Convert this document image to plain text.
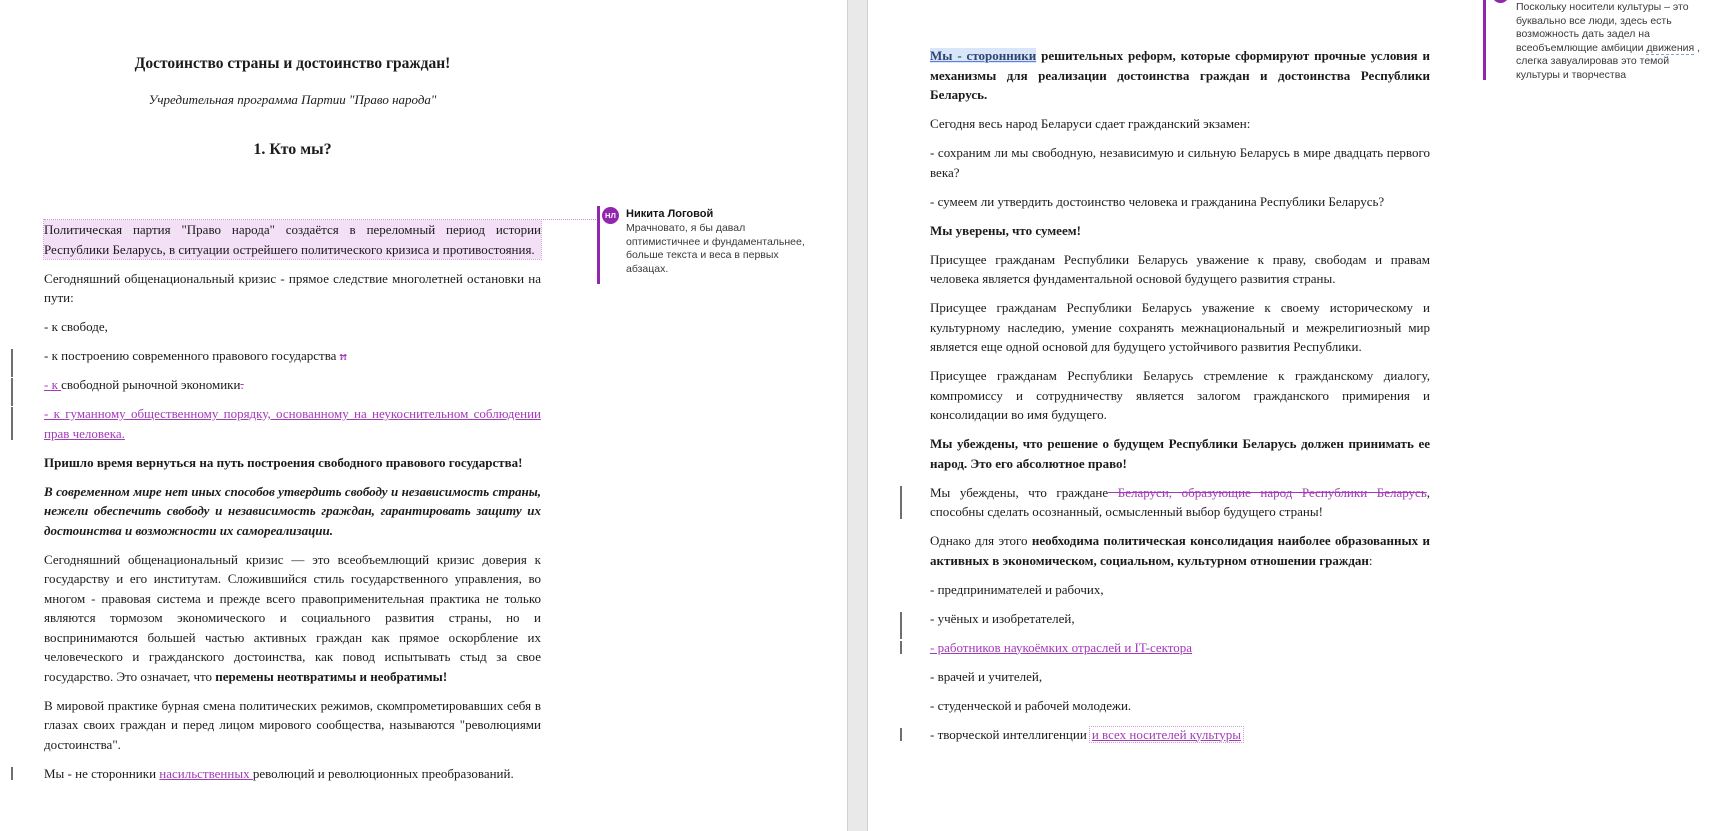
Достоинство страны и достоинство граждан!
Учредительная программа Партии "Право народа"
1. Кто мы?

Политическая партия "Право народа" создаётся в переломный период истории Республики Беларусь, в ситуации острейшего политического кризиса и противостояния.

Сегодняшний общенациональный кризис - прямое следствие многолетней остановки на пути:

- к свободе,

- к построению современного правового государства и

- к свободной рыночной экономики.

- к гуманному общественному порядку, основанному на неукоснительном соблюдении прав человека.

Пришло время вернуться на путь построения свободного правового государства!

В современном мире нет иных способов утвердить свободу и независимость страны, нежели обеспечить свободу и независимость граждан, гарантировать защиту их достоинства и возможности их самореализации.

Сегодняшний общенациональный кризис — это всеобъемлющий кризис доверия к государству и его институтам. Сложившийся стиль государственного управления, во многом - правовая система и прежде всего правоприменительная практика не только являются тормозом экономического и социального развития страны, но и воспринимаются большей частью активных граждан как прямое оскорбление их человеческого и гражданского достоинства, как повод испытывать стыд за свое государство. Это означает, что перемены неотвратимы и необратимы!

В мировой практике бурная смена политических режимов, скомпрометировавших себя в глазах своих граждан и перед лицом мирового сообщества, называются "революциями достоинства".

Мы - не сторонники насильственных революций и революционных преобразований.

НЛ Никита Логовой
Мрачновато, я бы давал оптимистичнее и фундаментальнее, больше текста и веса в первых абзацах.

Мы - сторонники решительных реформ, которые сформируют прочные условия и механизмы для реализации достоинства граждан и достоинства Республики Беларусь.

Сегодня весь народ Беларуси сдает гражданский экзамен:

- сохраним ли мы свободную, независимую и сильную Беларусь в мире двадцать первого века?

- сумеем ли утвердить достоинство человека и гражданина Республики Беларусь?

Мы уверены, что сумеем!

Присущее гражданам Республики Беларусь уважение к праву, свободам и правам человека является фундаментальной основой будущего развития страны.

Присущее гражданам Республики Беларусь уважение к своему историческому и культурному наследию, умение сохранять межнациональный и межрелигиозный мир является еще одной основой для будущего устойчивого развития Республики.

Присущее гражданам Республики Беларусь стремление к гражданскому диалогу, компромиссу и сотрудничеству является залогом гражданского примирения и консолидации во имя будущего.

Мы убеждены, что решение о будущем Республики Беларусь должен принимать ее народ. Это его абсолютное право!

Мы убеждены, что граждане Беларуси, образующие народ Республики Беларусь, способны сделать осознанный, осмысленный выбор будущего страны!

Однако для этого необходима политическая консолидация наиболее образованных и активных в экономическом, социальном, культурном отношении граждан:

- предпринимателей и рабочих,

- учёных и изобретателей,

- работников наукоёмких отраслей и IT-сектора

- врачей и учителей,

- студенческой и рабочей молодежи.

- творческой интеллигенции и всех носителей культуры

Поскольку носители культуры – это буквально все люди, здесь есть возможность дать задел на всеобъемлющие амбиции движения , слегка завуалировав это темой культуры и творчества
